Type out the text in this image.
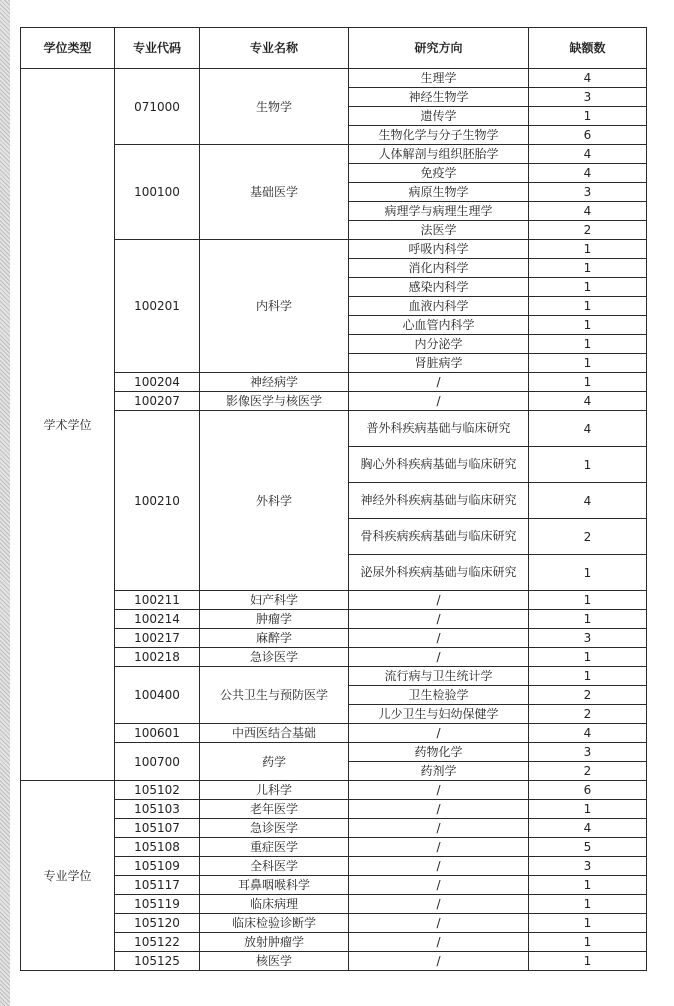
学位类型	专业代码	专业名称	研究方向	缺额数
学术学位	071000	生物学	生理学	4
			神经生物学	3
			遗传学	1
			生物化学与分子生物学	6
	100100	基础医学	人体解剖与组织胚胎学	4
			免疫学	4
			病原生物学	3
			病理学与病理生理学	4
			法医学	2
	100201	内科学	呼吸内科学	1
			消化内科学	1
			感染内科学	1
			血液内科学	1
			心血管内科学	1
			内分泌学	1
			肾脏病学	1
	100204	神经病学	/	1
	100207	影像医学与核医学	/	4
	100210	外科学	普外科疾病基础与临床研究	4
			胸心外科疾病基础与临床研究	1
			神经外科疾病基础与临床研究	4
			骨科疾病疾病基础与临床研究	2
			泌尿外科疾病基础与临床研究	1
	100211	妇产科学	/	1
	100214	肿瘤学	/	1
	100217	麻醉学	/	3
	100218	急诊医学	/	1
	100400	公共卫生与预防医学	流行病与卫生统计学	1
			卫生检验学	2
			儿少卫生与妇幼保健学	2
	100601	中西医结合基础	/	4
	100700	药学	药物化学	3
			药剂学	2
专业学位	105102	儿科学	/	6
	105103	老年医学	/	1
	105107	急诊医学	/	4
	105108	重症医学	/	5
	105109	全科医学	/	3
	105117	耳鼻咽喉科学	/	1
	105119	临床病理	/	1
	105120	临床检验诊断学	/	1
	105122	放射肿瘤学	/	1
	105125	核医学	/	1
